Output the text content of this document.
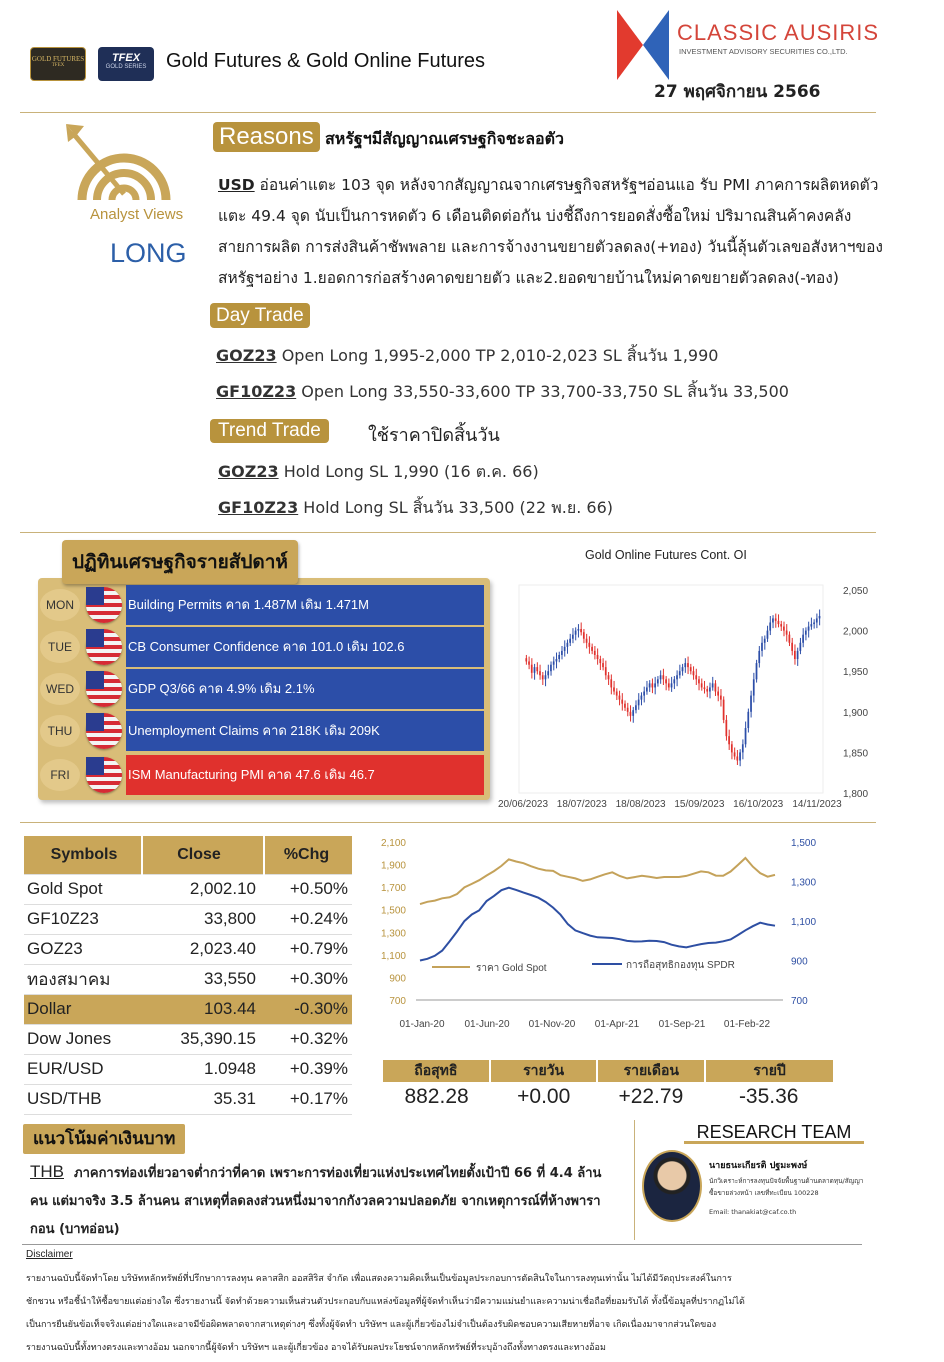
GOLD FUTURES
TFEX
TFEX
GOLD SERIES Gold Futures & Gold Online Futures
CLASSIC AUSIRIS
INVESTMENT ADVISORY SECURITIES CO.,LTD.
27 พฤศจิกายน 2566
Analyst Views
LONG
Reasons สหรัฐฯมีสัญญาณเศรษฐกิจชะลอตัว
USD อ่อนค่าแตะ 103 จุด หลังจากสัญญาณจากเศรษฐกิจสหรัฐฯอ่อนแอ รับ PMI ภาคการผลิตหดตัว
แตะ 49.4 จุด นับเป็นการหดตัว 6 เดือนติดต่อกัน บ่งชี้ถึงการยอดสั่งซื้อใหม่ ปริมาณสินค้าคงคลัง
สายการผลิต การส่งสินค้าชัพพลาย และการจ้างงานขยายตัวลดลง(+ทอง) วันนี้ลุ้นตัวเลขอสังหาฯของ
สหรัฐฯอย่าง 1.ยอดการก่อสร้างคาดขยายตัว และ2.ยอดขายบ้านใหม่คาดขยายตัวลดลง(-ทอง)
Day Trade
GOZ23 Open Long 1,995-2,000 TP 2,010-2,023 SL สิ้นวัน 1,990
GF10Z23 Open Long 33,550-33,600 TP 33,700-33,750 SL สิ้นวัน 33,500
Trend Trade	ใช้ราคาปิดสิ้นวัน
GOZ23 Hold Long SL 1,990 (16 ต.ค. 66)
GF10Z23 Hold Long SL สิ้นวัน 33,500 (22 พ.ย. 66)
ปฏิทินเศรษฐกิจรายสัปดาห์
MON	Building Permits คาด 1.487M เดิม 1.471M
TUE	CB Consumer Confidence คาด 101.0 เดิม 102.6
WED	GDP Q3/66 คาด 4.9% เดิม 2.1%
THU	Unemployment Claims คาด 218K เดิม 209K
FRI	ISM Manufacturing PMI คาด 47.6 เดิม 46.7
Gold Online Futures Cont. OI
2,050
2,000
1,950
1,900
1,850
1,800
20/06/2023 18/07/2023 18/08/2023 15/09/2023 16/10/2023 14/11/2023
Symbols	Close	%Chg
Gold Spot	2,002.10	+0.50%
GF10Z23	33,800	+0.24%
GOZ23	2,023.40	+0.79%
ทองสมาคม	33,550	+0.30%
Dollar	103.44	-0.30%
Dow Jones	35,390.15	+0.32%
EUR/USD	1.0948	+0.39%
USD/THB	35.31	+0.17%
2,100
1,900
1,700
1,500
1,300
1,100
900
700
1,500
1,300
1,100
900
700
01-Jan-20 01-Jun-20 01-Nov-20 01-Apr-21 01-Sep-21 01-Feb-22
ราคา Gold Spot	การถือสุทธิกองทุน SPDR
ถือสุทธิ	รายวัน	รายเดือน	รายปี
882.28	+0.00	+22.79	-35.36
แนวโน้มค่าเงินบาท
THB ภาคการท่องเที่ยวอาจต่ำกว่าที่คาด เพราะการท่องเที่ยวแห่งประเทศไทยตั้งเป้าปี 66 ที่ 4.4 ล้าน
คน แต่มาจริง 3.5 ล้านคน สาเหตุที่ลดลงส่วนหนึ่งมาจากกังวลความปลอดภัย จากเหตุการณ์ที่ห้างพารา
กอน (บาทอ่อน)
RESEARCH TEAM
นายธนะเกียรติ ปฐมะพงษ์
นักวิเคราะห์การลงทุนปัจจัยพื้นฐานด้านตลาดทุน/สัญญาซื้อขายล่วงหน้า เลขที่ทะเบียน 100228
Email: thanakiat@caf.co.th
Disclaimer
รายงานฉบับนี้จัดทำโดย บริษัทหลักทรัพย์ที่ปรึกษาการลงทุน คลาสสิก ออสสิริส จำกัด เพื่อแสดงความคิดเห็นเป็นข้อมูลประกอบการตัดสินใจในการลงทุนเท่านั้น ไม่ได้มีวัตถุประสงค์ในการ
ชักชวน หรือชี้นำให้ซื้อขายแต่อย่างใด ซึ่งรายงานนี้ จัดทำด้วยความเห็นส่วนตัวประกอบกับแหล่งข้อมูลที่ผู้จัดทำเห็นว่ามีความแม่นยำและความน่าเชื่อถือที่ยอมรับได้ ทั้งนี้ข้อมูลที่ปรากฏไม่ได้
เป็นการยืนยันข้อเท็จจริงแต่อย่างใดและอาจมีข้อผิดพลาดจากสาเหตุต่างๆ ซึ่งทั้งผู้จัดทำ บริษัทฯ และผู้เกี่ยวข้องไม่จำเป็นต้องรับผิดชอบความเสียหายที่อาจ เกิดเนื่องมาจากส่วนใดของ
รายงานฉบับนี้ทั้งทางตรงและทางอ้อม นอกจากนี้ผู้จัดทำ บริษัทฯ และผู้เกี่ยวข้อง อาจได้รับผลประโยชน์จากหลักทรัพย์ที่ระบุอ้างถึงทั้งทางตรงและทางอ้อม
